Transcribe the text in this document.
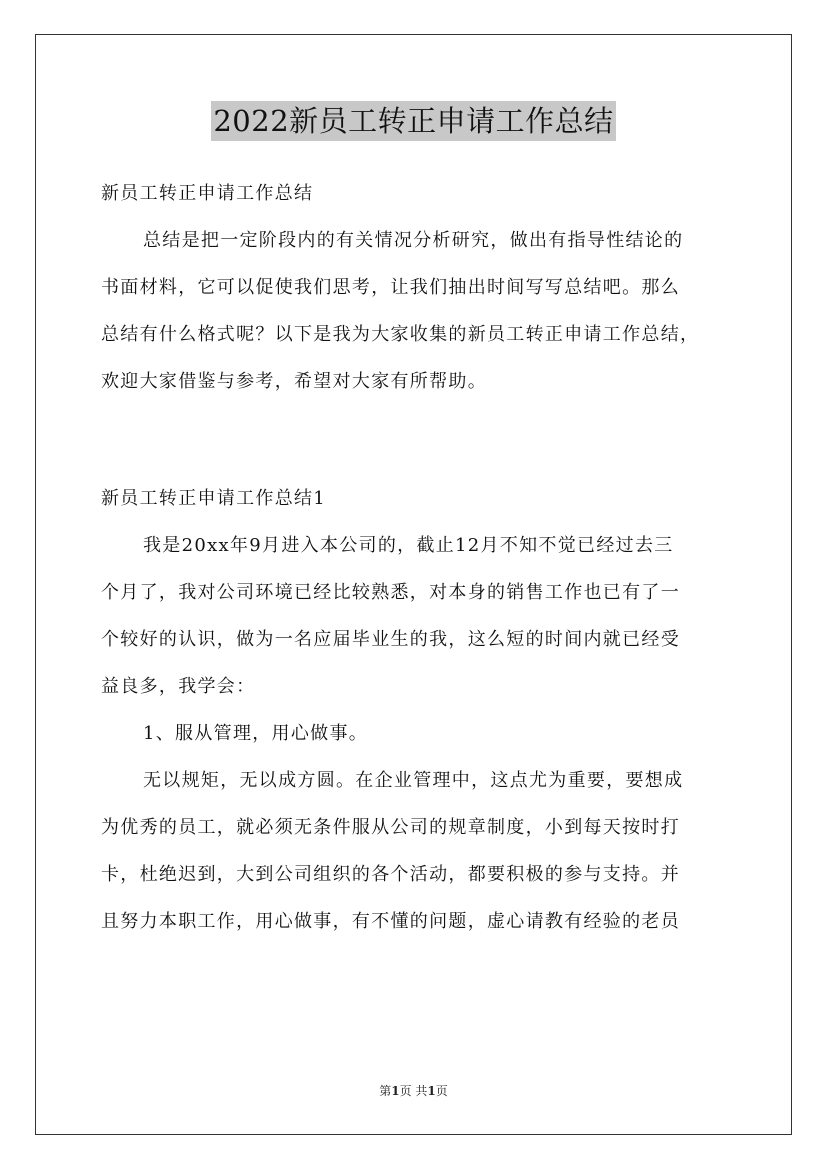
2022新员工转正申请工作总结
新员工转正申请工作总结
总结是把一定阶段内的有关情况分析研究，做出有指导性结论的
书面材料，它可以促使我们思考，让我们抽出时间写写总结吧。那么
总结有什么格式呢？以下是我为大家收集的新员工转正申请工作总结，
欢迎大家借鉴与参考，希望对大家有所帮助。
新员工转正申请工作总结1
我是20xx年9月进入本公司的，截止12月不知不觉已经过去三
个月了，我对公司环境已经比较熟悉，对本身的销售工作也已有了一
个较好的认识，做为一名应届毕业生的我，这么短的时间内就已经受
益良多，我学会：
1、服从管理，用心做事。
无以规矩，无以成方圆。在企业管理中，这点尤为重要，要想成
为优秀的员工，就必须无条件服从公司的规章制度，小到每天按时打
卡，杜绝迟到，大到公司组织的各个活动，都要积极的参与支持。并
且努力本职工作，用心做事，有不懂的问题，虚心请教有经验的老员
第1页 共1页
